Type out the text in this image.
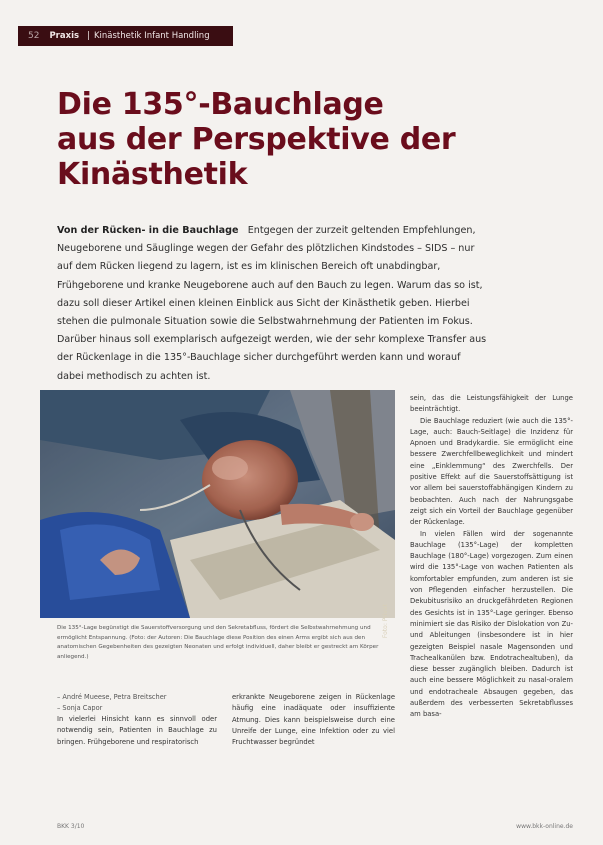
52 Praxis | Kinästhetik Infant Handling
Die 135°-Bauchlage
aus der Perspektive der
Kinästhetik
Von der Rücken- in die Bauchlage Entgegen der zurzeit geltenden Empfehlungen, Neugeborene und Säuglinge wegen der Gefahr des plötzlichen Kindstodes – SIDS – nur auf dem Rücken liegend zu lagern, ist es im klinischen Bereich oft unabdingbar, Frühgeborene und kranke Neugeborene auch auf den Bauch zu legen. Warum das so ist, dazu soll dieser Artikel einen kleinen Einblick aus Sicht der Kinästhetik geben. Hierbei stehen die pulmonale Situation sowie die Selbstwahrnehmung der Patienten im Fokus. Darüber hinaus soll exemplarisch aufgezeigt werden, wie der sehr komplexe Transfer aus der Rückenlage in die 135°-Bauchlage sicher durchgeführt werden kann und worauf dabei methodisch zu achten ist.
Foto: Privat
Die 135°-Lage begünstigt die Sauerstoffversorgung und den Sekretabfluss, fördert die Selbstwahrnehmung und ermöglicht Entspannung. (Foto: der Autoren: Die Bauchlage diese Position des einen Arms ergibt sich aus den anatomischen Gegebenheiten des gezeigten Neonaten und erfolgt individuell, daher bleibt er gestreckt am Körper anliegend.)
– André Mueese, Petra Breitscher
– Sonja Capor

In vielerlei Hinsicht kann es sinnvoll oder notwendig sein, Patienten in Bauchlage zu bringen. Frühgeborene und respiratorisch

erkrankte Neugeborene zeigen in Rückenlage häufig eine inadäquate oder insuffiziente Atmung. Dies kann beispielsweise durch eine Unreife der Lunge, eine Infektion oder zu viel Fruchtwasser begründet

sein, das die Leistungsfähigkeit der Lunge beeinträchtigt.

Die Bauchlage reduziert (wie auch die 135°-Lage, auch: Bauch-Seitlage) die Inzidenz für Apnoen und Bradykardie. Sie ermöglicht eine bessere Zwerchfellbeweglichkeit und mindert eine „Einklemmung“ des Zwerchfells. Der positive Effekt auf die Sauerstoffsättigung ist vor allem bei sauerstoffabhängigen Kindern zu beobachten. Auch nach der Nahrungsgabe zeigt sich ein Vorteil der Bauchlage gegenüber der Rückenlage.

In vielen Fällen wird der sogenannte Bauchlage (135°-Lage) der kompletten Bauchlage (180°-Lage) vorgezogen. Zum einen wird die 135°-Lage von wachen Patienten als komfortabler empfunden, zum anderen ist sie von Pflegenden einfacher herzustellen. Die Dekubitusrisiko an druckgefährdeten Regionen des Gesichts ist in 135°-Lage geringer. Ebenso minimiert sie das Risiko der Dislokation von Zu- und Ableitungen (insbesondere ist in hier gezeigten Beispiel nasale Magensonden und Trachealkanülen bzw. Endotrachealtuben), da diese besser zugänglich bleiben. Dadurch ist auch eine bessere Möglichkeit zu nasal-oralem und endotracheale Absaugen gegeben, das außerdem des verbesserten Sekretabflusses am basa-

BKK 3/10	www.bkk-online.de
